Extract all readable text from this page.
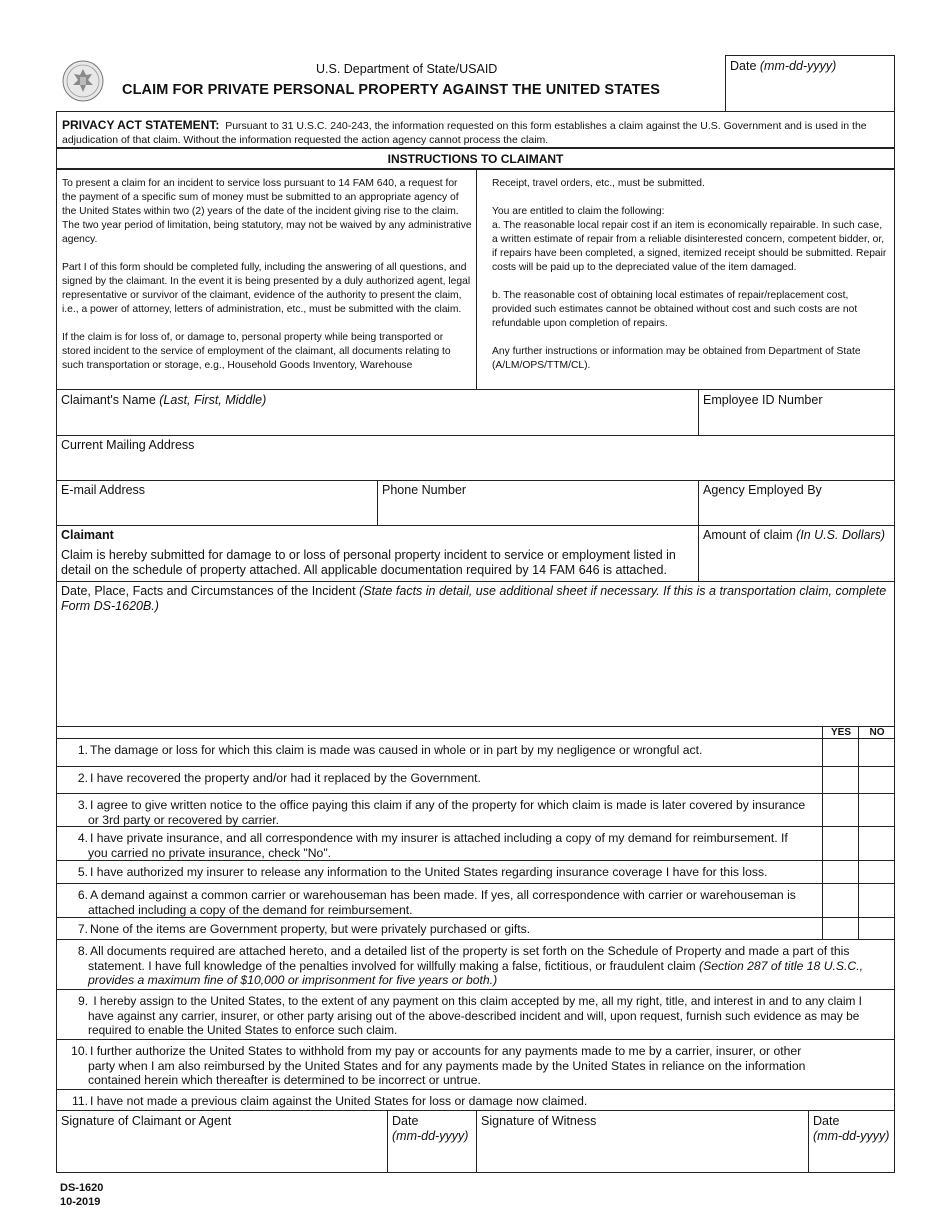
U.S. Department of State/USAID
CLAIM FOR PRIVATE PERSONAL PROPERTY AGAINST THE UNITED STATES
Date (mm-dd-yyyy)
PRIVACY ACT STATEMENT: Pursuant to 31 U.S.C. 240-243, the information requested on this form establishes a claim against the U.S. Government and is used in the adjudication of that claim. Without the information requested the action agency cannot process the claim.
INSTRUCTIONS TO CLAIMANT
To present a claim for an incident to service loss pursuant to 14 FAM 640, a request for the payment of a specific sum of money must be submitted to an appropriate agency of the United States within two (2) years of the date of the incident giving rise to the claim. The two year period of limitation, being statutory, may not be waived by any administrative agency.
Part I of this form should be completed fully, including the answering of all questions, and signed by the claimant. In the event it is being presented by a duly authorized agent, legal representative or survivor of the claimant, evidence of the authority to present the claim, i.e., a power of attorney, letters of administration, etc., must be submitted with the claim.
If the claim is for loss of, or damage to, personal property while being transported or stored incident to the service of employment of the claimant, all documents relating to such transportation or storage, e.g., Household Goods Inventory, Warehouse
Receipt, travel orders, etc., must be submitted.
You are entitled to claim the following:
a. The reasonable local repair cost if an item is economically repairable. In such case, a written estimate of repair from a reliable disinterested concern, competent bidder, or, if repairs have been completed, a signed, itemized receipt should be submitted. Repair costs will be paid up to the depreciated value of the item damaged.
b. The reasonable cost of obtaining local estimates of repair/replacement cost, provided such estimates cannot be obtained without cost and such costs are not refundable upon completion of repairs.
Any further instructions or information may be obtained from Department of State (A/LM/OPS/TTM/CL).
Claimant's Name (Last, First, Middle)	Employee ID Number
Current Mailing Address
E-mail Address	Phone Number	Agency Employed By
Claimant
Claim is hereby submitted for damage to or loss of personal property incident to service or employment listed in detail on the schedule of property attached. All applicable documentation required by 14 FAM 646 is attached.
Amount of claim (In U.S. Dollars)
Date, Place, Facts and Circumstances of the Incident (State facts in detail, use additional sheet if necessary. If this is a transportation claim, complete Form DS-1620B.)
YES	NO
1. The damage or loss for which this claim is made was caused in whole or in part by my negligence or wrongful act.
2. I have recovered the property and/or had it replaced by the Government.
3. I agree to give written notice to the office paying this claim if any of the property for which claim is made is later covered by insurance
or 3rd party or recovered by carrier.
4. I have private insurance, and all correspondence with my insurer is attached including a copy of my demand for reimbursement. If
you carried no private insurance, check "No".
5. I have authorized my insurer to release any information to the United States regarding insurance coverage I have for this loss.
6. A demand against a common carrier or warehouseman has been made. If yes, all correspondence with carrier or warehouseman is
attached including a copy of the demand for reimbursement.
7. None of the items are Government property, but were privately purchased or gifts.
8. All documents required are attached hereto, and a detailed list of the property is set forth on the Schedule of Property and made a part of this
statement. I have full knowledge of the penalties involved for willfully making a false, fictitious, or fraudulent claim (Section 287 of title 18 U.S.C.,
provides a maximum fine of $10,000 or imprisonment for five years or both.)
9. I hereby assign to the United States, to the extent of any payment on this claim accepted by me, all my right, title, and interest in and to any claim I
have against any carrier, insurer, or other party arising out of the above-described incident and will, upon request, furnish such evidence as may be
required to enable the United States to enforce such claim.
10. I further authorize the United States to withhold from my pay or accounts for any payments made to me by a carrier, insurer, or other
party when I am also reimbursed by the United States and for any payments made by the United States in reliance on the information
contained herein which thereafter is determined to be incorrect or untrue.
11. I have not made a previous claim against the United States for loss or damage now claimed.
Signature of Claimant or Agent	Date
(mm-dd-yyyy)
Signature of Witness	Date
(mm-dd-yyyy)
DS-1620
10-2019
